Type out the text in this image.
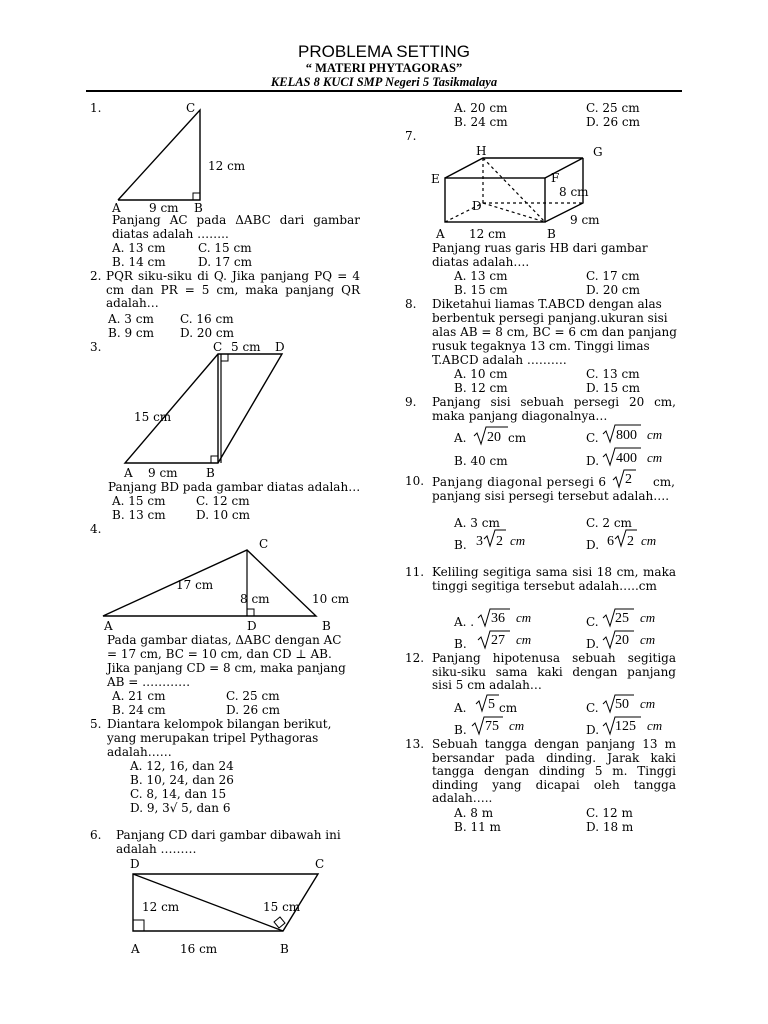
PROBLEMA SETTING
“ MATERI PHYTAGORAS”
KELAS 8 KUCI SMP Negeri 5 Tasikmalaya
1.	C
12 cm
A 9 cm B
Panjang AC pada ΔABC dari gambar diatas adalah ……..
A. 13 cm	C. 15 cm
B. 14 cm	D. 17 cm
2. PQR siku-siku di Q. Jika panjang PQ = 4 cm dan PR = 5 cm, maka panjang QR adalah…
A. 3 cm C. 16 cm
B. 9 cm D. 20 cm
3.	C 5 cm D
15 cm
A 9 cm B
Panjang BD pada gambar diatas adalah…
A. 15 cm	C. 12 cm
B. 13 cm	D. 10 cm
4.
C
17 cm
8 cm	10 cm
A	D	B
Pada gambar diatas, ΔABC dengan AC
= 17 cm, BC = 10 cm, dan CD ⊥ AB.
Jika panjang CD = 8 cm, maka panjang
AB = …………
A. 21 cm	C. 25 cm
B. 24 cm	D. 26 cm
5. Diantara kelompok bilangan berikut,
yang merupakan tripel Pythagoras
adalah……
A. 12, 16, dan 24
B. 10, 24, dan 26
C. 8, 14, dan 15
D. 9, 3√ 5, dan 6
6. Panjang CD dari gambar dibawah ini
adalah ………
D	C
12 cm	15 cm
A	16 cm	B
A. 20 cm	C. 25 cm
B. 24 cm	D. 26 cm
7.
H	G
E	F
8 cm
D
9 cm
A 12 cm	B
Panjang ruas garis HB dari gambar
diatas adalah….
A. 13 cm	C. 17 cm
B. 15 cm	D. 20 cm
8. Diketahui liamas T.ABCD dengan alas
berbentuk persegi panjang.ukuran sisi
alas AB = 8 cm, BC = 6 cm dan panjang
rusuk tegaknya 13 cm. Tinggi limas
T.ABCD adalah ……….
A. 10 cm	C. 13 cm
B. 12 cm	D. 15 cm
9. Panjang sisi sebuah persegi 20 cm, maka panjang diagonalnya…
A. 20 cm	C. 800 cm
B. 40 cm	D. 400 cm
10. Panjang diagonal persegi 6 2 cm,
panjang sisi persegi tersebut adalah….
A. 3 cm	C. 2 cm
B. 3 2 cm	D. 6 2 cm
11. Keliling segitiga sama sisi 18 cm, maka tinggi segitiga tersebut adalah…..cm
A. . 36 cm	C. 25 cm
B. 27 cm	D. 20 cm
12. Panjang hipotenusa sebuah segitiga siku-siku sama kaki dengan panjang sisi 5 cm adalah…
A. 5 cm	C. 50 cm
B. 75 cm	D. 125 cm
13. Sebuah tangga dengan panjang 13 m bersandar pada dinding. Jarak kaki tangga dengan dinding 5 m. Tinggi dinding yang dicapai oleh tangga adalah…..
A. 8 m	C. 12 m
B. 11 m	D. 18 m
